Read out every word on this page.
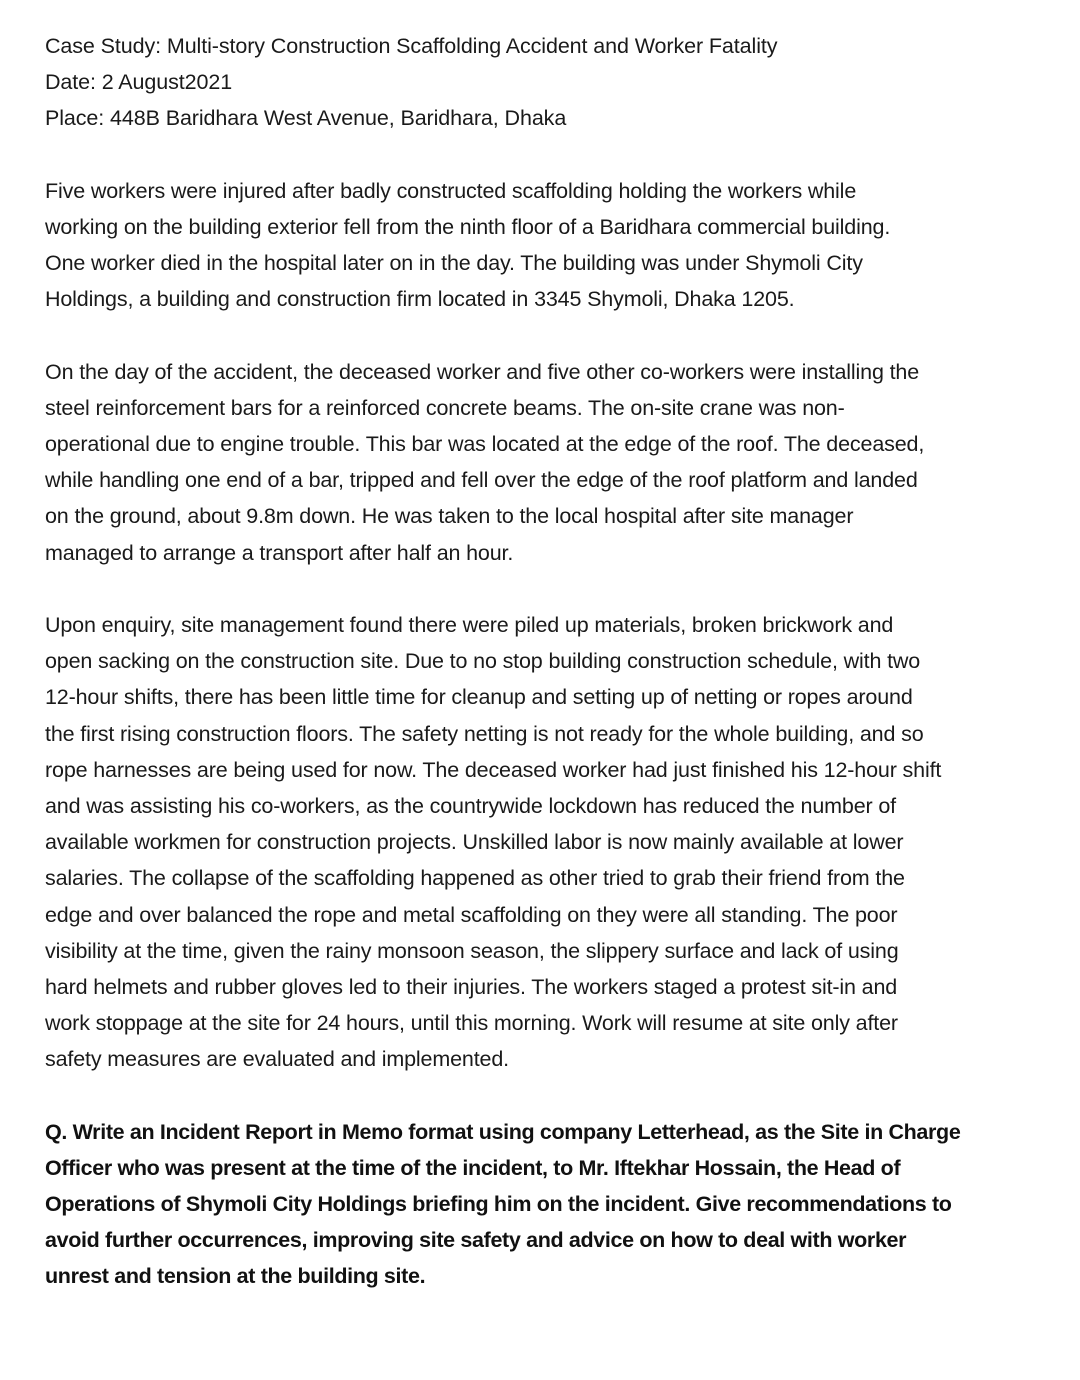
Case Study: Multi-story Construction Scaffolding Accident and Worker Fatality
Date: 2 August2021
Place: 448B Baridhara West Avenue, Baridhara, Dhaka
Five workers were injured after badly constructed scaffolding holding the workers while
working on the building exterior fell from the ninth floor of a Baridhara commercial building.
One worker died in the hospital later on in the day. The building was under Shymoli City
Holdings, a building and construction firm located in 3345 Shymoli, Dhaka 1205.
On the day of the accident, the deceased worker and five other co-workers were installing the
steel reinforcement bars for a reinforced concrete beams. The on-site crane was non-
operational due to engine trouble. This bar was located at the edge of the roof. The deceased,
while handling one end of a bar, tripped and fell over the edge of the roof platform and landed
on the ground, about 9.8m down. He was taken to the local hospital after site manager
managed to arrange a transport after half an hour.
Upon enquiry, site management found there were piled up materials, broken brickwork and
open sacking on the construction site. Due to no stop building construction schedule, with two
12-hour shifts, there has been little time for cleanup and setting up of netting or ropes around
the first rising construction floors. The safety netting is not ready for the whole building, and so
rope harnesses are being used for now. The deceased worker had just finished his 12-hour shift
and was assisting his co-workers, as the countrywide lockdown has reduced the number of
available workmen for construction projects. Unskilled labor is now mainly available at lower
salaries. The collapse of the scaffolding happened as other tried to grab their friend from the
edge and over balanced the rope and metal scaffolding on they were all standing. The poor
visibility at the time, given the rainy monsoon season, the slippery surface and lack of using
hard helmets and rubber gloves led to their injuries. The workers staged a protest sit-in and
work stoppage at the site for 24 hours, until this morning. Work will resume at site only after
safety measures are evaluated and implemented.
Q. Write an Incident Report in Memo format using company Letterhead, as the Site in Charge
Officer who was present at the time of the incident, to Mr. Iftekhar Hossain, the Head of
Operations of Shymoli City Holdings briefing him on the incident. Give recommendations to
avoid further occurrences, improving site safety and advice on how to deal with worker
unrest and tension at the building site.
